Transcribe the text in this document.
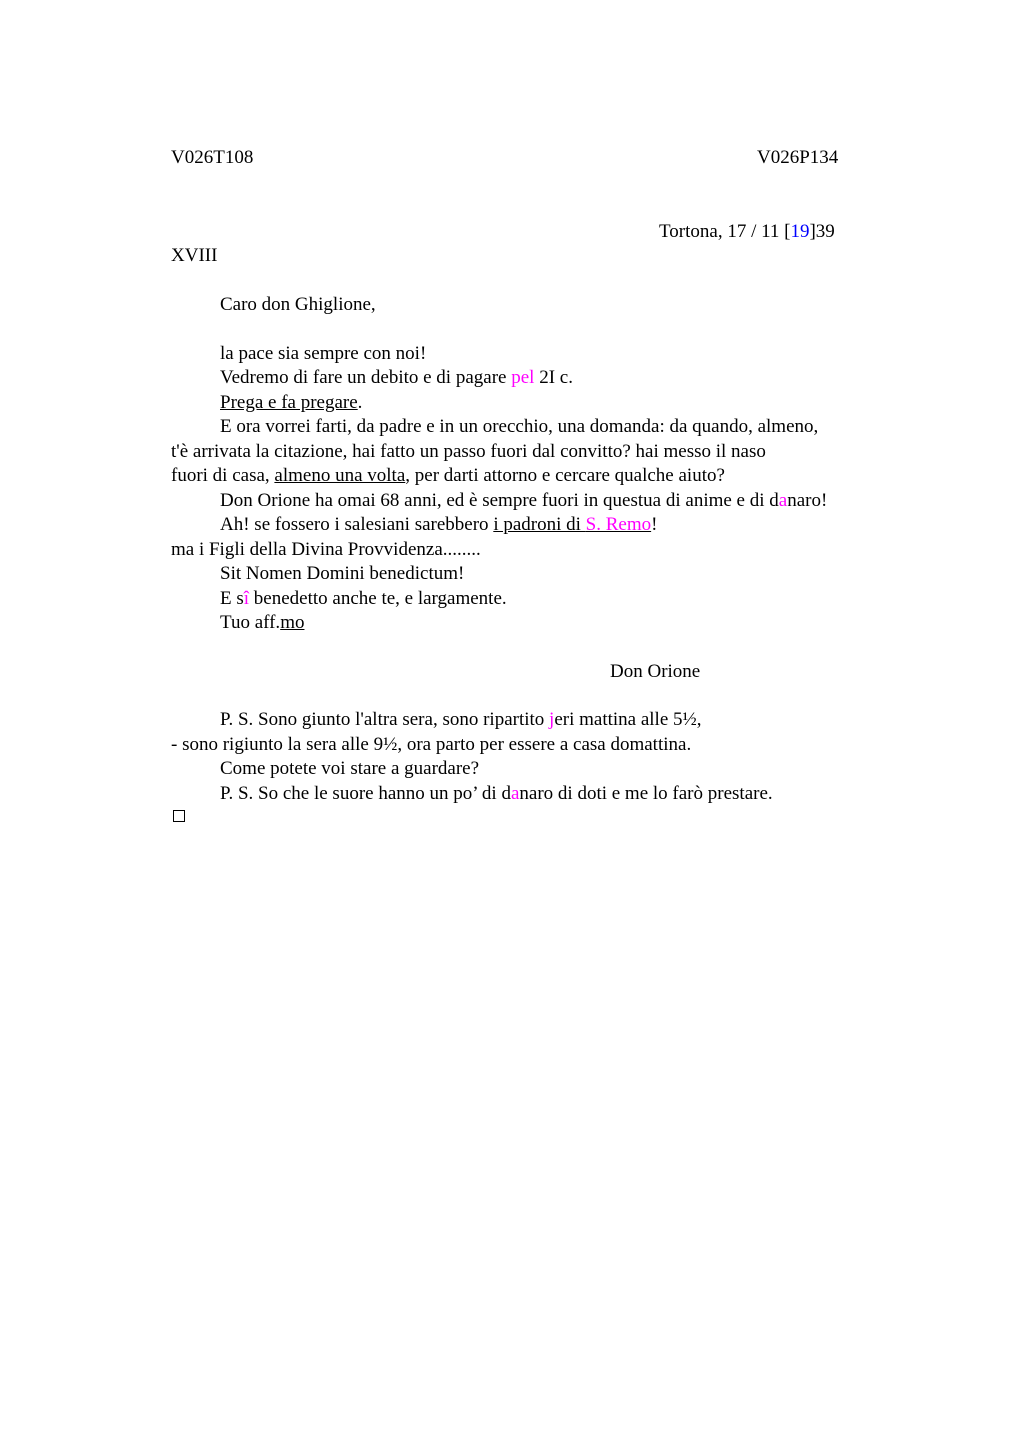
V026T108	V026P134
Tortona, 17 / 11 [19]39
XVIII
Caro don Ghiglione,
la pace sia sempre con noi!
Vedremo di fare un debito e di pagare pel 2I c.
Prega e fa pregare.
E ora vorrei farti, da padre e in un orecchio, una domanda: da quando, almeno,
t'è arrivata la citazione, hai fatto un passo fuori dal convitto? hai messo il naso
fuori di casa, almeno una volta, per darti attorno e cercare qualche aiuto?
Don Orione ha omai 68 anni, ed è sempre fuori in questua di anime e di danaro!
Ah! se fossero i salesiani sarebbero i padroni di S. Remo!
ma i Figli della Divina Provvidenza........
Sit Nomen Domini benedictum!
E sî benedetto anche te, e largamente.
Tuo aff.mo
Don Orione
P. S. Sono giunto l'altra sera, sono ripartito jeri mattina alle 5½,
- sono rigiunto la sera alle 9½, ora parto per essere a casa domattina.
Come potete voi stare a guardare?
P. S. So che le suore hanno un po’ di danaro di doti e me lo farò prestare.
